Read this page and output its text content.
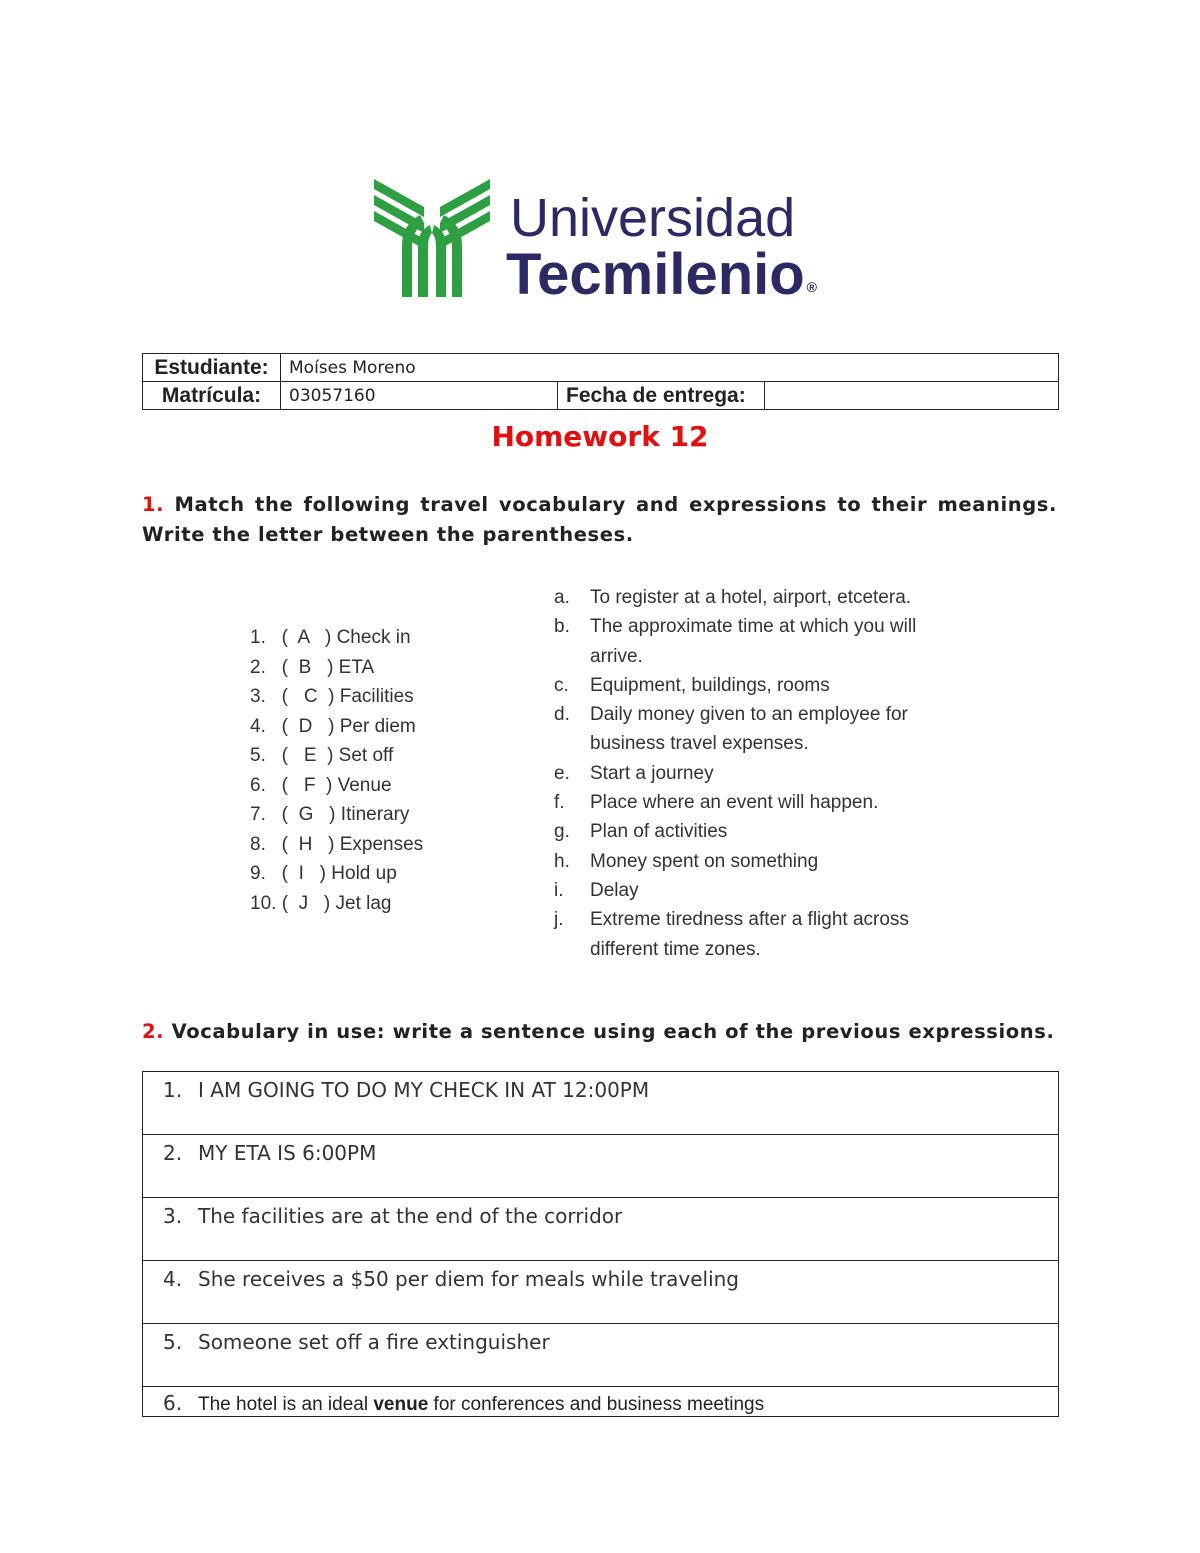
Universidad
Tecmilenio ®
Estudiante:	Moíses Moreno		
Matrícula:	03057160	Fecha de entrega:	
Homework 12
1. Match the following travel vocabulary and expressions to their meanings. Write the letter between the parentheses.
1.   (  A   ) Check in
2.   (  B   ) ETA
3.   (   C  ) Facilities
4.   (  D   ) Per diem
5.   (   E  ) Set off
6.   (   F  ) Venue
7.   (  G   ) Itinerary
8.   (  H   ) Expenses
9.   (  I   ) Hold up
10. (  J   ) Jet lag
a.	To register at a hotel, airport, etcetera.
b.	The approximate time at which you will arrive.
c.	Equipment, buildings, rooms
d.	Daily money given to an employee for business travel expenses.
e.	Start a journey
f.	Place where an event will happen.
g.	Plan of activities
h.	Money spent on something
i.	Delay
j.	Extreme tiredness after a flight across different time zones.
2. Vocabulary in use: write a sentence using each of the previous expressions.
1. I AM GOING TO DO MY CHECK IN AT 12:00PM
2. MY ETA IS 6:00PM
3. The facilities are at the end of the corridor
4. She receives a $50 per diem for meals while traveling
5. Someone set off a fire extinguisher
6. The hotel is an ideal venue for conferences and business meetings
